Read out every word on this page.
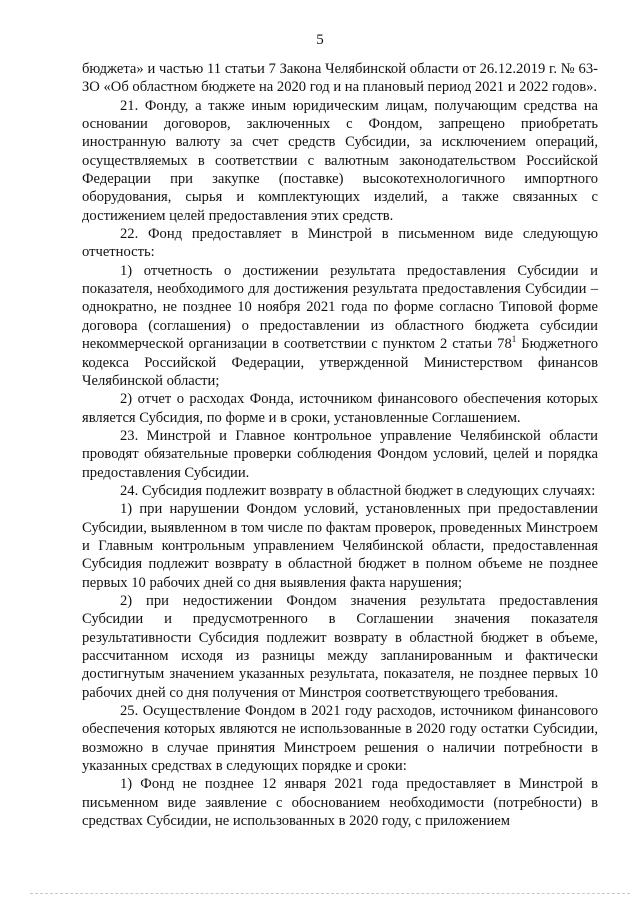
5

бюджета» и частью 11 статьи 7 Закона Челябинской области от 26.12.2019 г. № 63-ЗО «Об областном бюджете на 2020 год и на плановый период 2021 и 2022 годов».

21. Фонду, а также иным юридическим лицам, получающим средства на основании договоров, заключенных с Фондом, запрещено приобретать иностранную валюту за счет средств Субсидии, за исключением операций, осуществляемых в соответствии с валютным законодательством Российской Федерации при закупке (поставке) высокотехнологичного импортного оборудования, сырья и комплектующих изделий, а также связанных с достижением целей предоставления этих средств.

22. Фонд предоставляет в Минстрой в письменном виде следующую отчетность:

1) отчетность о достижении результата предоставления Субсидии и показателя, необходимого для достижения результата предоставления Субсидии – однократно, не позднее 10 ноября 2021 года по форме согласно Типовой форме договора (соглашения) о предоставлении из областного бюджета субсидии некоммерческой организации в соответствии с пунктом 2 статьи $78^1$ Бюджетного кодекса Российской Федерации, утвержденной Министерством финансов Челябинской области;

2) отчет о расходах Фонда, источником финансового обеспечения которых является Субсидия, по форме и в сроки, установленные Соглашением.

23. Минстрой и Главное контрольное управление Челябинской области проводят обязательные проверки соблюдения Фондом условий, целей и порядка предоставления Субсидии.

24. Субсидия подлежит возврату в областной бюджет в следующих случаях:

1) при нарушении Фондом условий, установленных при предоставлении Субсидии, выявленном в том числе по фактам проверок, проведенных Минстроем и Главным контрольным управлением Челябинской области, предоставленная Субсидия подлежит возврату в областной бюджет в полном объеме не позднее первых 10 рабочих дней со дня выявления факта нарушения;

2) при недостижении Фондом значения результата предоставления Субсидии и предусмотренного в Соглашении значения показателя результативности Субсидия подлежит возврату в областной бюджет в объеме, рассчитанном исходя из разницы между запланированным и фактически достигнутым значением указанных результата, показателя, не позднее первых 10 рабочих дней со дня получения от Минстроя соответствующего требования.

25. Осуществление Фондом в 2021 году расходов, источником финансового обеспечения которых являются не использованные в 2020 году остатки Субсидии, возможно в случае принятия Минстроем решения о наличии потребности в указанных средствах в следующих порядке и сроки:

1) Фонд не позднее 12 января 2021 года предоставляет в Минстрой в письменном виде заявление с обоснованием необходимости (потребности) в средствах Субсидии, не использованных в 2020 году, с приложением
